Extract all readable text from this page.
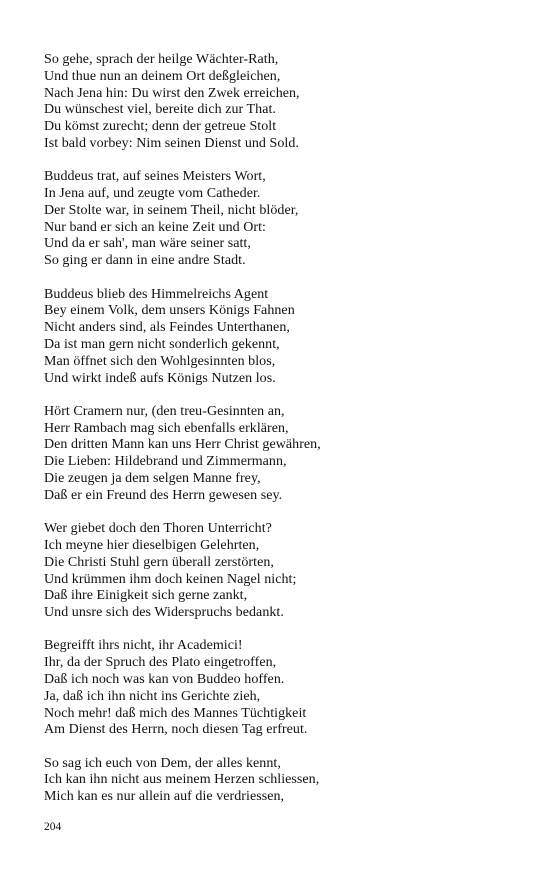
So gehe, sprach der heilge Wächter-Rath,
Und thue nun an deinem Ort deßgleichen,
Nach Jena hin: Du wirst den Zwek erreichen,
Du wünschest viel, bereite dich zur That.
Du kömst zurecht; denn der getreue Stolt
Ist bald vorbey: Nim seinen Dienst und Sold.
Buddeus trat, auf seines Meisters Wort,
In Jena auf, und zeugte vom Catheder.
Der Stolte war, in seinem Theil, nicht blöder,
Nur band er sich an keine Zeit und Ort:
Und da er sah', man wäre seiner satt,
So ging er dann in eine andre Stadt.
Buddeus blieb des Himmelreichs Agent
Bey einem Volk, dem unsers Königs Fahnen
Nicht anders sind, als Feindes Unterthanen,
Da ist man gern nicht sonderlich gekennt,
Man öffnet sich den Wohlgesinnten blos,
Und wirkt indeß aufs Königs Nutzen los.
Hört Cramern nur, (den treu-Gesinnten an,
Herr Rambach mag sich ebenfalls erklären,
Den dritten Mann kan uns Herr Christ gewähren,
Die Lieben: Hildebrand und Zimmermann,
Die zeugen ja dem selgen Manne frey,
Daß er ein Freund des Herrn gewesen sey.
Wer giebet doch den Thoren Unterricht?
Ich meyne hier dieselbigen Gelehrten,
Die Christi Stuhl gern überall zerstörten,
Und krümmen ihm doch keinen Nagel nicht;
Daß ihre Einigkeit sich gerne zankt,
Und unsre sich des Widerspruchs bedankt.
Begreifft ihrs nicht, ihr Academici!
Ihr, da der Spruch des Plato eingetroffen,
Daß ich noch was kan von Buddeo hoffen.
Ja, daß ich ihn nicht ins Gerichte zieh,
Noch mehr! daß mich des Mannes Tüchtigkeit
Am Dienst des Herrn, noch diesen Tag erfreut.
So sag ich euch von Dem, der alles kennt,
Ich kan ihn nicht aus meinem Herzen schliessen,
Mich kan es nur allein auf die verdriessen,
204
